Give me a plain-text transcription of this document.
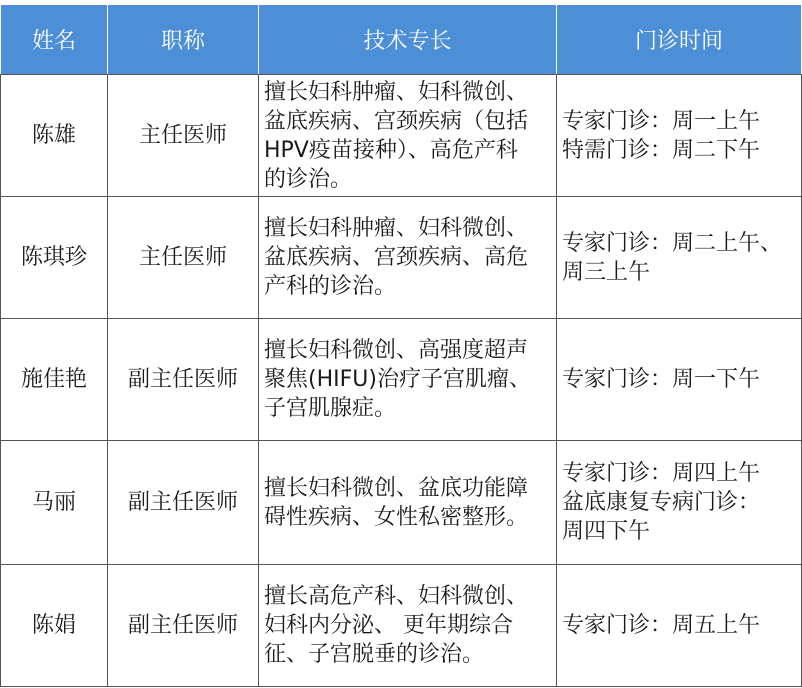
姓名	职称	技术专长	门诊时间
陈雄	主任医师	擅长妇科肿瘤、妇科微创、
盆底疾病、宫颈疾病（包括
HPV疫苗接种）、高危产科
的诊治。	专家门诊：周一上午
特需门诊：周二下午

陈琪珍	主任医师	擅长妇科肿瘤、妇科微创、
盆底疾病、宫颈疾病、高危
产科的诊治。	专家门诊：周二上午、
周三上午

施佳艳	副主任医师	擅长妇科微创、高强度超声
聚焦(HIFU)治疗子宫肌瘤、
子宫肌腺症。	专家门诊：周一下午

马丽	副主任医师	擅长妇科微创、盆底功能障
碍性疾病、女性私密整形。	专家门诊：周四上午
盆底康复专病门诊：
周四下午

陈娟	副主任医师	擅长高危产科、妇科微创、
妇科内分泌、 更年期综合
征、子宫脱垂的诊治。	专家门诊：周五上午
